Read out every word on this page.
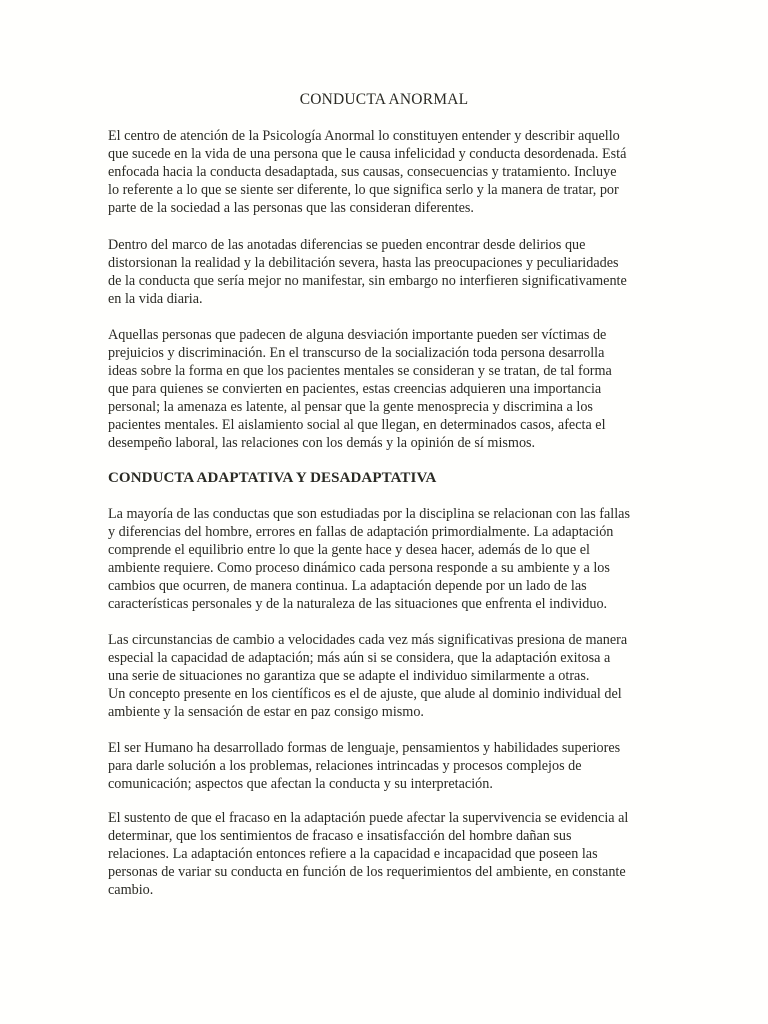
CONDUCTA ANORMAL

El centro de atención de la Psicología Anormal lo constituyen entender y describir aquello
que sucede en la vida de una persona que le causa infelicidad y conducta desordenada. Está
enfocada hacia la conducta desadaptada, sus causas, consecuencias y tratamiento. Incluye
lo referente a lo que se siente ser diferente, lo que significa serlo y la manera de tratar, por
parte de la sociedad a las personas que las consideran diferentes.

Dentro del marco de las anotadas diferencias se pueden encontrar desde delirios que
distorsionan la realidad y la debilitación severa, hasta las preocupaciones y peculiaridades
de la conducta que sería mejor no manifestar, sin embargo no interfieren significativamente
en la vida diaria.

Aquellas personas que padecen de alguna desviación importante pueden ser víctimas de
prejuicios y discriminación. En el transcurso de la socialización toda persona desarrolla
ideas sobre la forma en que los pacientes mentales se consideran y se tratan, de tal forma
que para quienes se convierten en pacientes, estas creencias adquieren una importancia
personal; la amenaza es latente, al pensar que la gente menosprecia y discrimina a los
pacientes mentales. El aislamiento social al que llegan, en determinados casos, afecta el
desempeño laboral, las relaciones con los demás y la opinión de sí mismos.

CONDUCTA ADAPTATIVA Y DESADAPTATIVA

La mayoría de las conductas que son estudiadas por la disciplina se relacionan con las fallas
y diferencias del hombre, errores en fallas de adaptación primordialmente. La adaptación
comprende el equilibrio entre lo que la gente hace y desea hacer, además de lo que el
ambiente requiere. Como proceso dinámico cada persona responde a su ambiente y a los
cambios que ocurren, de manera continua. La adaptación depende por un lado de las
características personales y de la naturaleza de las situaciones que enfrenta el individuo.

Las circunstancias de cambio a velocidades cada vez más significativas presiona de manera
especial la capacidad de adaptación; más aún si se considera, que la adaptación exitosa a
una serie de situaciones no garantiza que se adapte el individuo similarmente a otras.
Un concepto presente en los científicos es el de ajuste, que alude al dominio individual del
ambiente y la sensación de estar en paz consigo mismo.

El ser Humano ha desarrollado formas de lenguaje, pensamientos y habilidades superiores
para darle solución a los problemas, relaciones intrincadas y procesos complejos de
comunicación; aspectos que afectan la conducta y su interpretación.

El sustento de que el fracaso en la adaptación puede afectar la supervivencia se evidencia al
determinar, que los sentimientos de fracaso e insatisfacción del hombre dañan sus
relaciones. La adaptación entonces refiere a la capacidad e incapacidad que poseen las
personas de variar su conducta en función de los requerimientos del ambiente, en constante
cambio.
